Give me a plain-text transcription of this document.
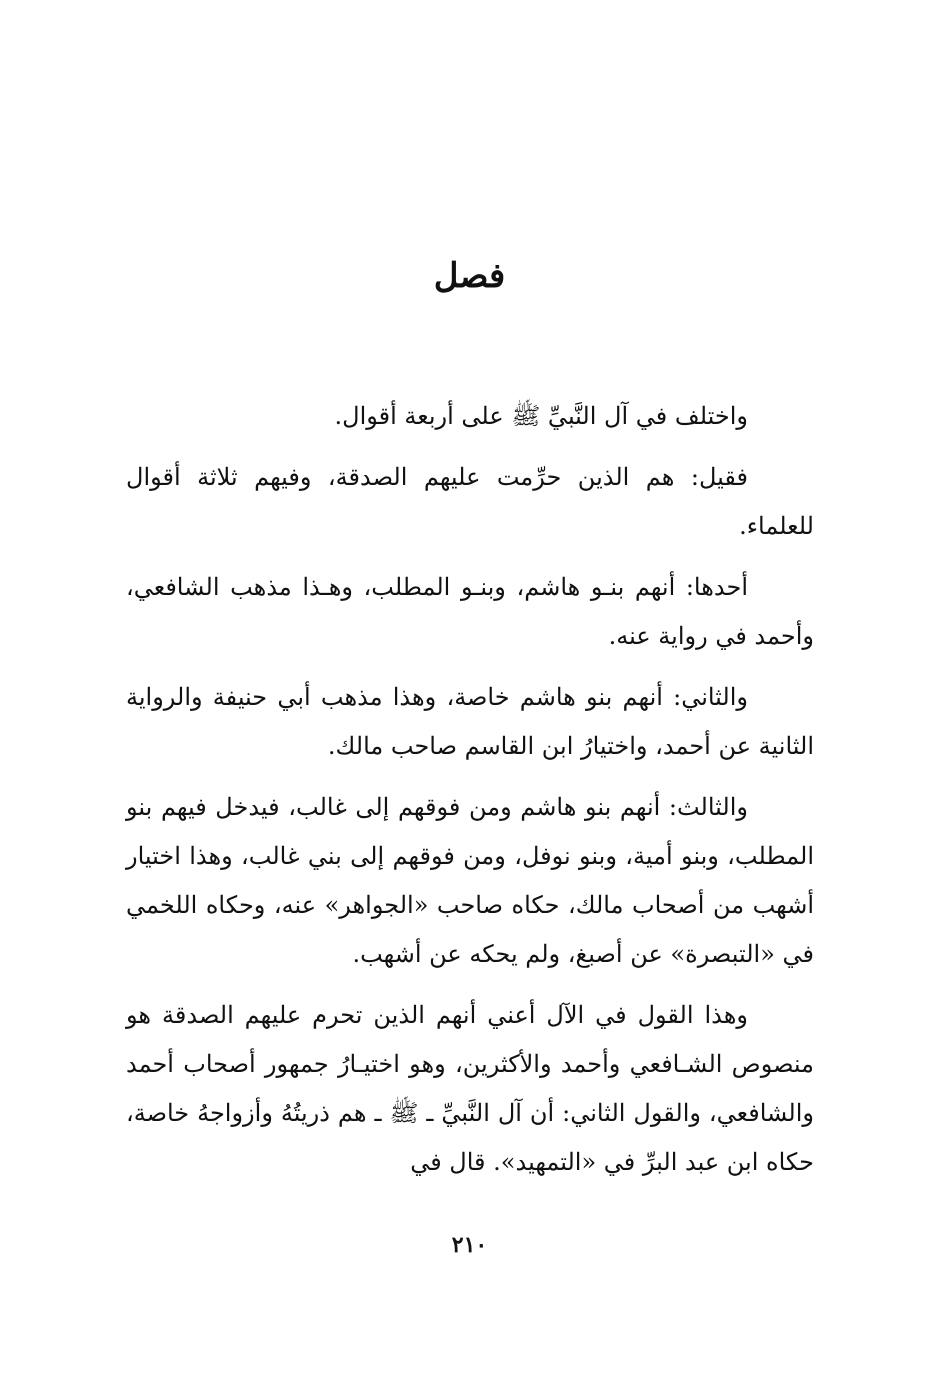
فصل

واختلف في آل النَّبيِّ ﷺ على أربعة أقوال.

فقيل: هم الذين حرِّمت عليهم الصدقة، وفيهم ثلاثة أقوال للعلماء.

أحدها: أنهم بنـو هاشم، وبنـو المطلب، وهـذا مذهب الشافعي، وأحمد في رواية عنه.

والثاني: أنهم بنو هاشم خاصة، وهذا مذهب أبي حنيفة والرواية الثانية عن أحمد، واختيارُ ابن القاسم صاحب مالك.

والثالث: أنهم بنو هاشم ومن فوقهم إلى غالب، فيدخل فيهم بنو المطلب، وبنو أمية، وبنو نوفل، ومن فوقهم إلى بني غالب، وهذا اختيار أشهب من أصحاب مالك، حكاه صاحب «الجواهر» عنه، وحكاه اللخمي في «التبصرة» عن أصبغ، ولم يحكه عن أشهب.

وهذا القول في الآل أعني أنهم الذين تحرم عليهم الصدقة هو منصوص الشـافعي وأحمد والأكثرين، وهو اختيـارُ جمهور أصحاب أحمد والشافعي، والقول الثاني: أن آل النَّبيِّ ـ ﷺ ـ هم ذريتُهُ وأزواجهُ خاصة، حكاه ابن عبد البرِّ في «التمهيد». قال في

٢١٠
